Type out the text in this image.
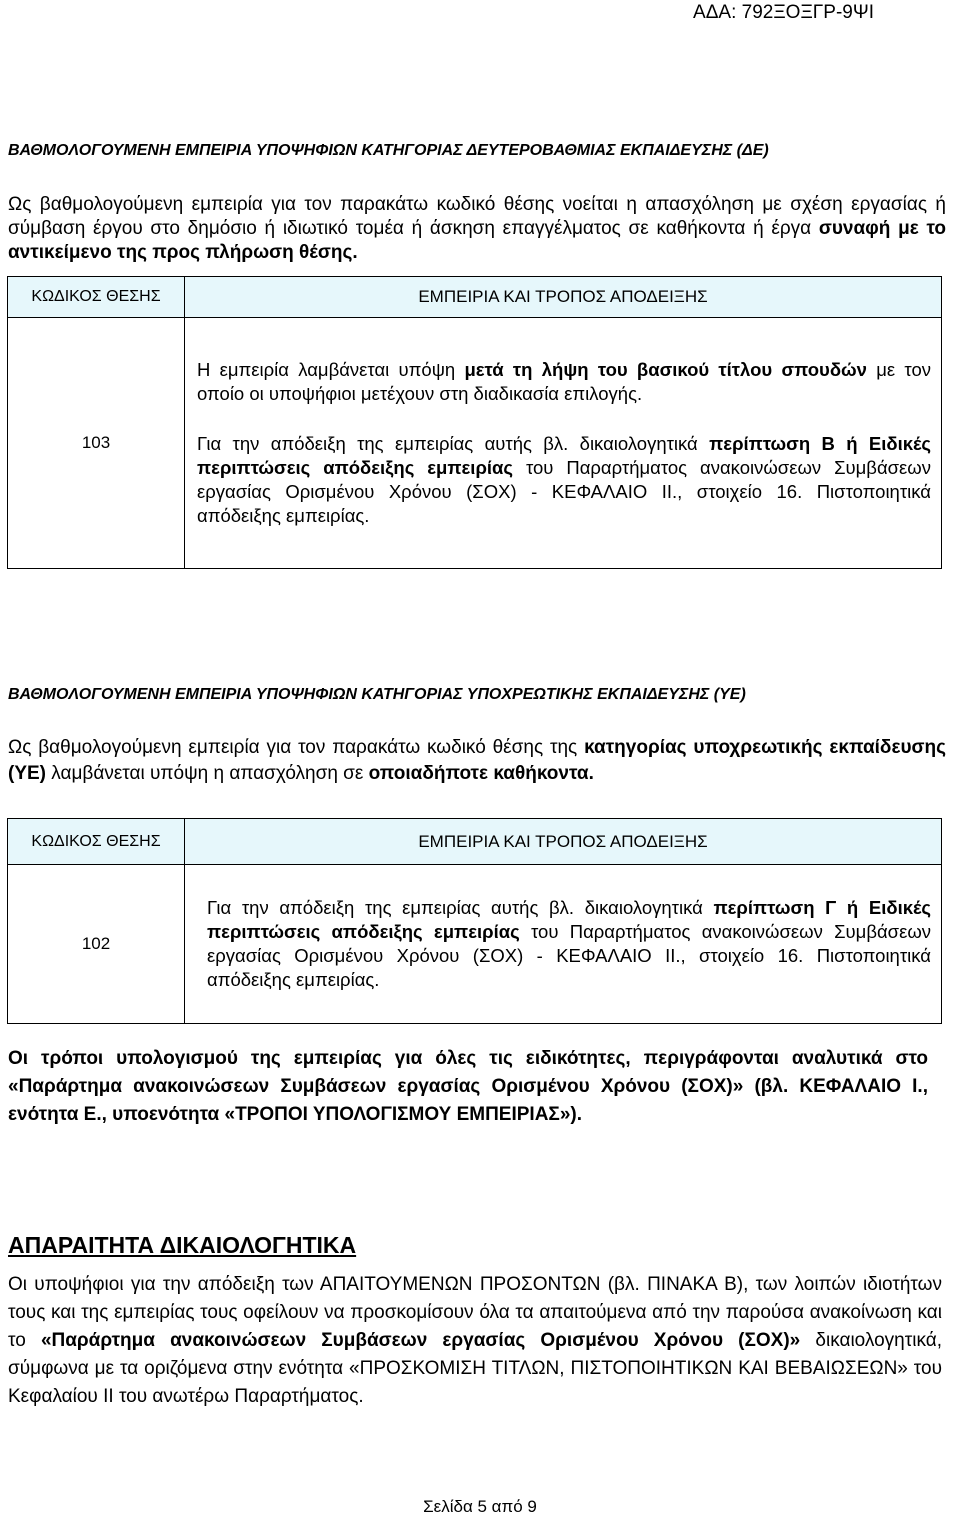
ΑΔΑ: 792ΞΟΞΓΡ-9ΨΙ
ΒΑΘΜΟΛΟΓΟΥΜΕΝΗ ΕΜΠΕΙΡΙΑ ΥΠΟΨΗΦΙΩΝ ΚΑΤΗΓΟΡΙΑΣ ΔΕΥΤΕΡΟΒΑΘΜΙΑΣ ΕΚΠΑΙΔΕΥΣΗΣ (ΔΕ)
Ως βαθμολογούμενη εμπειρία για τον παρακάτω κωδικό θέσης νοείται η απασχόληση με σχέση εργασίας ή σύμβαση έργου στο δημόσιο ή ιδιωτικό τομέα ή άσκηση επαγγέλματος σε καθήκοντα ή έργα συναφή με το αντικείμενο της προς πλήρωση θέσης.
ΚΩΔΙΚΟΣ ΘΕΣΗΣ	ΕΜΠΕΙΡΙΑ ΚΑΙ ΤΡΟΠΟΣ ΑΠΟΔΕΙΞΗΣ
103	Η εμπειρία λαμβάνεται υπόψη μετά τη λήψη του βασικού τίτλου σπουδών με τον οποίο οι υποψήφιοι μετέχουν στη διαδικασία επιλογής.
Για την απόδειξη της εμπειρίας αυτής βλ. δικαιολογητικά περίπτωση Β ή Ειδικές περιπτώσεις απόδειξης εμπειρίας του Παραρτήματος ανακοινώσεων Συμβάσεων εργασίας Ορισμένου Χρόνου (ΣΟΧ) - ΚΕΦΑΛΑΙΟ ΙΙ., στοιχείο 16. Πιστοποιητικά απόδειξης εμπειρίας.
ΒΑΘΜΟΛΟΓΟΥΜΕΝΗ ΕΜΠΕΙΡΙΑ ΥΠΟΨΗΦΙΩΝ ΚΑΤΗΓΟΡΙΑΣ ΥΠΟΧΡΕΩΤΙΚΗΣ ΕΚΠΑΙΔΕΥΣΗΣ (ΥΕ)
Ως βαθμολογούμενη εμπειρία για τον παρακάτω κωδικό θέσης της κατηγορίας υποχρεωτικής εκπαίδευσης (ΥΕ) λαμβάνεται υπόψη η απασχόληση σε οποιαδήποτε καθήκοντα.
ΚΩΔΙΚΟΣ ΘΕΣΗΣ	ΕΜΠΕΙΡΙΑ ΚΑΙ ΤΡΟΠΟΣ ΑΠΟΔΕΙΞΗΣ
102	Για την απόδειξη της εμπειρίας αυτής βλ. δικαιολογητικά περίπτωση Γ ή Ειδικές περιπτώσεις απόδειξης εμπειρίας του Παραρτήματος ανακοινώσεων Συμβάσεων εργασίας Ορισμένου Χρόνου (ΣΟΧ) - ΚΕΦΑΛΑΙΟ ΙΙ., στοιχείο 16. Πιστοποιητικά απόδειξης εμπειρίας.
Οι τρόποι υπολογισμού της εμπειρίας για όλες τις ειδικότητες, περιγράφονται αναλυτικά στο «Παράρτημα ανακοινώσεων Συμβάσεων εργασίας Ορισμένου Χρόνου (ΣΟΧ)» (βλ. ΚΕΦΑΛΑΙΟ Ι., ενότητα Ε., υποενότητα «ΤΡΟΠΟΙ ΥΠΟΛΟΓΙΣΜΟΥ ΕΜΠΕΙΡΙΑΣ»).
ΑΠΑΡΑΙΤΗΤΑ ΔΙΚΑΙΟΛΟΓΗΤΙΚΑ
Οι υποψήφιοι για την απόδειξη των ΑΠΑΙΤΟΥΜΕΝΩΝ ΠΡΟΣΟΝΤΩΝ (βλ. ΠΙΝΑΚΑ Β), των λοιπών ιδιοτήτων τους και της εμπειρίας τους οφείλουν να προσκομίσουν όλα τα απαιτούμενα από την παρούσα ανακοίνωση και το «Παράρτημα ανακοινώσεων Συμβάσεων εργασίας Ορισμένου Χρόνου (ΣΟΧ)» δικαιολογητικά, σύμφωνα με τα οριζόμενα στην ενότητα «ΠΡΟΣΚΟΜΙΣΗ ΤΙΤΛΩΝ, ΠΙΣΤΟΠΟΙΗΤΙΚΩΝ ΚΑΙ ΒΕΒΑΙΩΣΕΩΝ» του Κεφαλαίου ΙΙ του ανωτέρω Παραρτήματος.
Σελίδα 5 από 9
